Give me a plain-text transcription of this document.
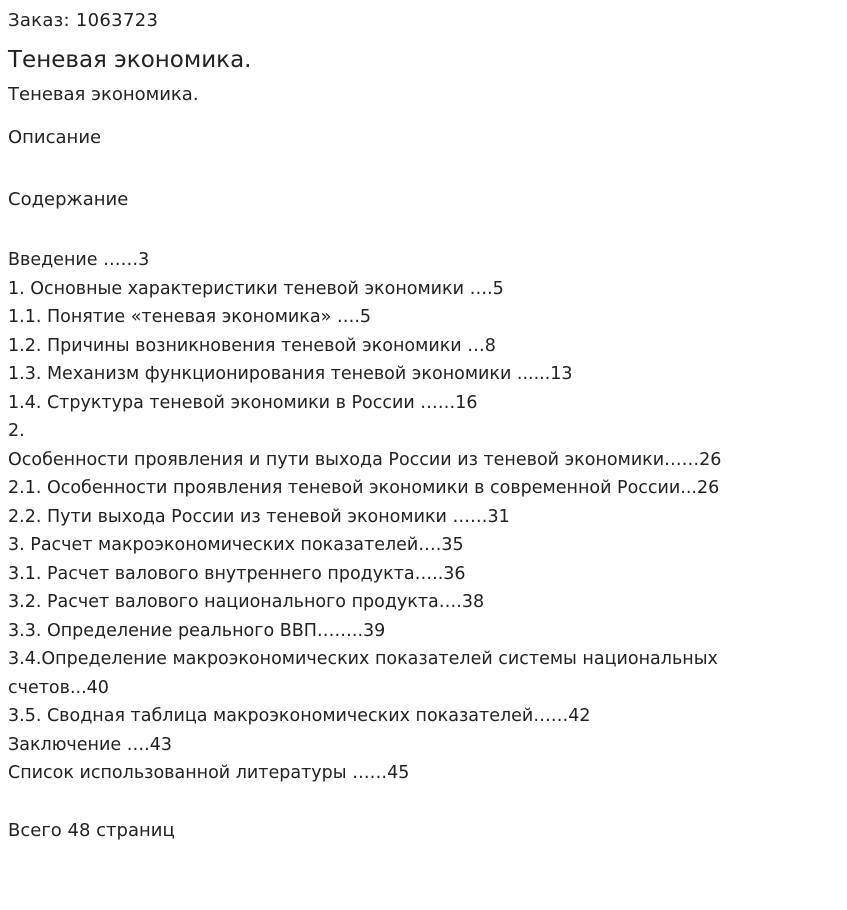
Заказ: 1063723

Теневая экономика.

Теневая экономика.

Описание

Содержание

Введение ……3
1. Основные характеристики теневой экономики ….5
1.1. Понятие «теневая экономика» ….5
1.2. Причины возникновения теневой экономики …8
1.3. Механизм функционирования теневой экономики ......13
1.4. Структура теневой экономики в России ……16
2.
Особенности проявления и пути выхода России из теневой экономики……26
2.1. Особенности проявления теневой экономики в современной России...26
2.2. Пути выхода России из теневой экономики ……31
3. Расчет макроэкономических показателей….35
3.1. Расчет валового внутреннего продукта…..36
3.2. Расчет валового национального продукта….38
3.3. Определение реального ВВП……..39
3.4.Определение макроэкономических показателей системы национальных счетов...40
3.5. Сводная таблица макроэкономических показателей……42
Заключение ….43
Список использованной литературы ……45

Всего 48 страниц
